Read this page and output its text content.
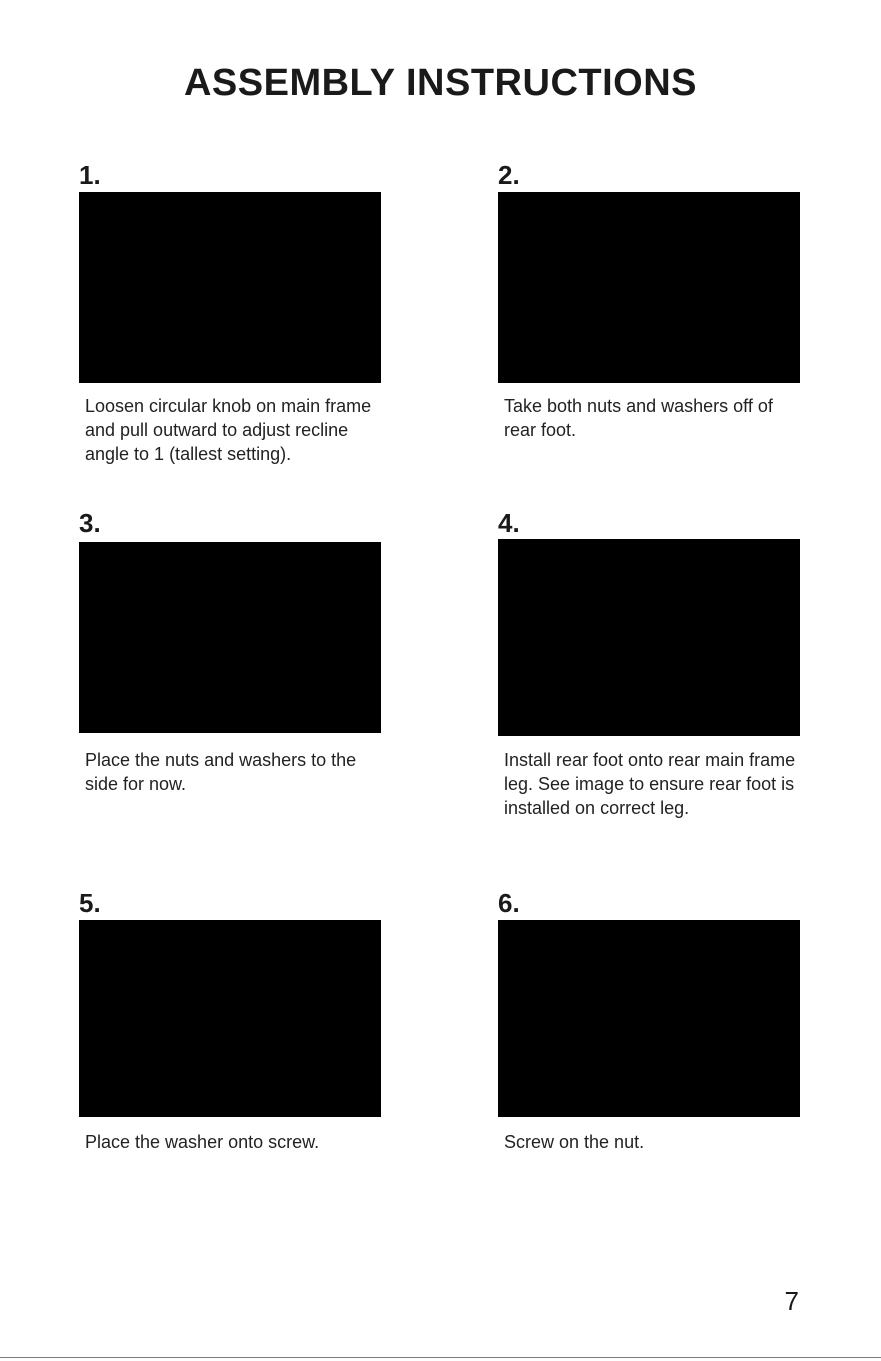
ASSEMBLY INSTRUCTIONS
1.
Loosen circular knob on main frame and pull outward to adjust recline angle to 1 (tallest setting).
2.
Take both nuts and washers off of rear foot.
3.
Place the nuts and washers to the side for now.
4.
Install rear foot onto rear main frame leg. See image to ensure rear foot is installed on correct leg.
5.
Place the washer onto screw.
6.
Screw on the nut.
7
